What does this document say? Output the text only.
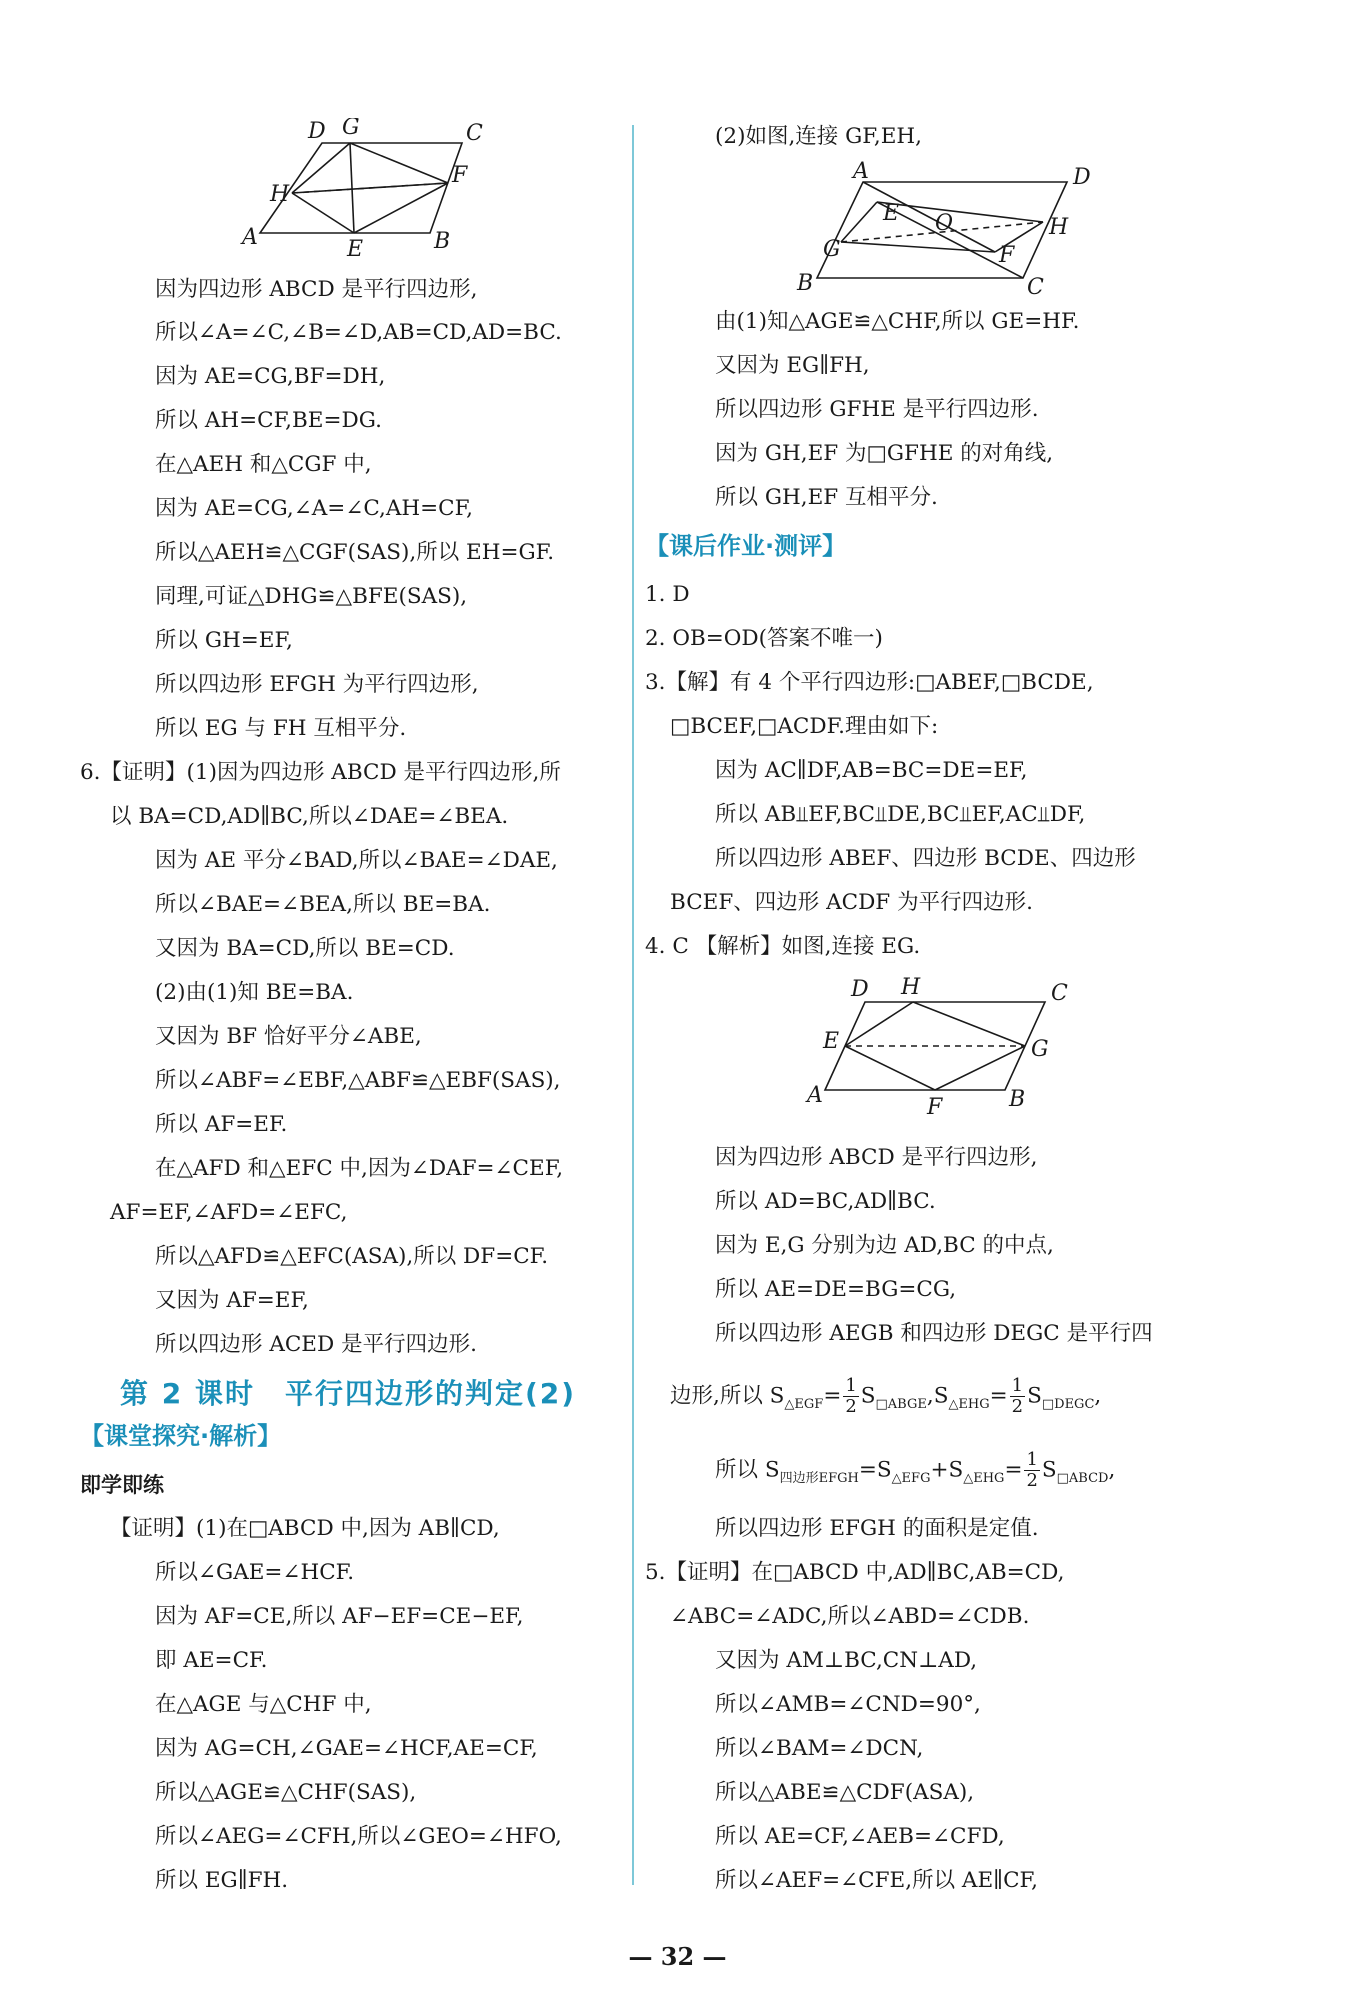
D G	C
H
F
A	E	B
因为四边形 ABCD 是平行四边形,
所以∠A=∠C,∠B=∠D,AB=CD,AD=BC.
因为 AE=CG,BF=DH,
所以 AH=CF,BE=DG.
在△AEH 和△CGF 中,
因为 AE=CG,∠A=∠C,AH=CF,
所以△AEH≌△CGF(SAS),所以 EH=GF.
同理,可证△DHG≌△BFE(SAS),
所以 GH=EF,
所以四边形 EFGH 为平行四边形,
所以 EG 与 FH 互相平分.
6.【证明】(1)因为四边形 ABCD 是平行四边形,所
以 BA=CD,AD∥BC,所以∠DAE=∠BEA.
因为 AE 平分∠BAD,所以∠BAE=∠DAE,
所以∠BAE=∠BEA,所以 BE=BA.
又因为 BA=CD,所以 BE=CD.
(2)由(1)知 BE=BA.
又因为 BF 恰好平分∠ABE,
所以∠ABF=∠EBF,△ABF≌△EBF(SAS),
所以 AF=EF.
在△AFD 和△EFC 中,因为∠DAF=∠CEF,
AF=EF,∠AFD=∠EFC,
所以△AFD≌△EFC(ASA),所以 DF=CF.
又因为 AF=EF,
所以四边形 ACED 是平行四边形.
第 2 课时　平行四边形的判定(2)
【课堂探究·解析】
即学即练
【证明】(1)在□ABCD 中,因为 AB∥CD,
所以∠GAE=∠HCF.
因为 AF=CE,所以 AF−EF=CE−EF,
即 AE=CF.
在△AGE 与△CHF 中,
因为 AG=CH,∠GAE=∠HCF,AE=CF,
所以△AGE≌△CHF(SAS),
所以∠AEG=∠CFH,所以∠GEO=∠HFO,
所以 EG∥FH.
(2)如图,连接 GF,EH,
A	D
E O	H
G	F
B	C
由(1)知△AGE≌△CHF,所以 GE=HF.
又因为 EG∥FH,
所以四边形 GFHE 是平行四边形.
因为 GH,EF 为□GFHE 的对角线,
所以 GH,EF 互相平分.
【课后作业·测评】
1. D
2. OB=OD(答案不唯一)
3.【解】有 4 个平行四边形:□ABEF,□BCDE,
□BCEF,□ACDF.理由如下:
因为 AC∥DF,AB=BC=DE=EF,
所以 AB⫫EF,BC⫫DE,BC⫫EF,AC⫫DF,
所以四边形 ABEF、四边形 BCDE、四边形
BCEF、四边形 ACDF 为平行四边形.
4. C 【解析】如图,连接 EG.
D H	C
E	G
A	F	B
因为四边形 ABCD 是平行四边形,
所以 AD=BC,AD∥BC.
因为 E,G 分别为边 AD,BC 的中点,
所以 AE=DE=BG=CG,
所以四边形 AEGB 和四边形 DEGC 是平行四
边形,所以 $S_{\triangle EGF}= \frac{1}{2} S_{□ABGE},S_{\triangle EHG}= \frac{1}{2} S_{□DEGC}$,
所以 $S_{四边形EFGH}=S_{\triangle EFG}+S_{\triangle EHG}= \frac{1}{2} S_{□ABCD}$,
所以四边形 EFGH 的面积是定值.
5.【证明】在□ABCD 中,AD∥BC,AB=CD,
∠ABC=∠ADC,所以∠ABD=∠CDB.
又因为 AM⊥BC,CN⊥AD,
所以∠AMB=∠CND=90°,
所以∠BAM=∠DCN,
所以△ABE≌△CDF(ASA),
所以 AE=CF,∠AEB=∠CFD,
所以∠AEF=∠CFE,所以 AE∥CF,
— 32 —
